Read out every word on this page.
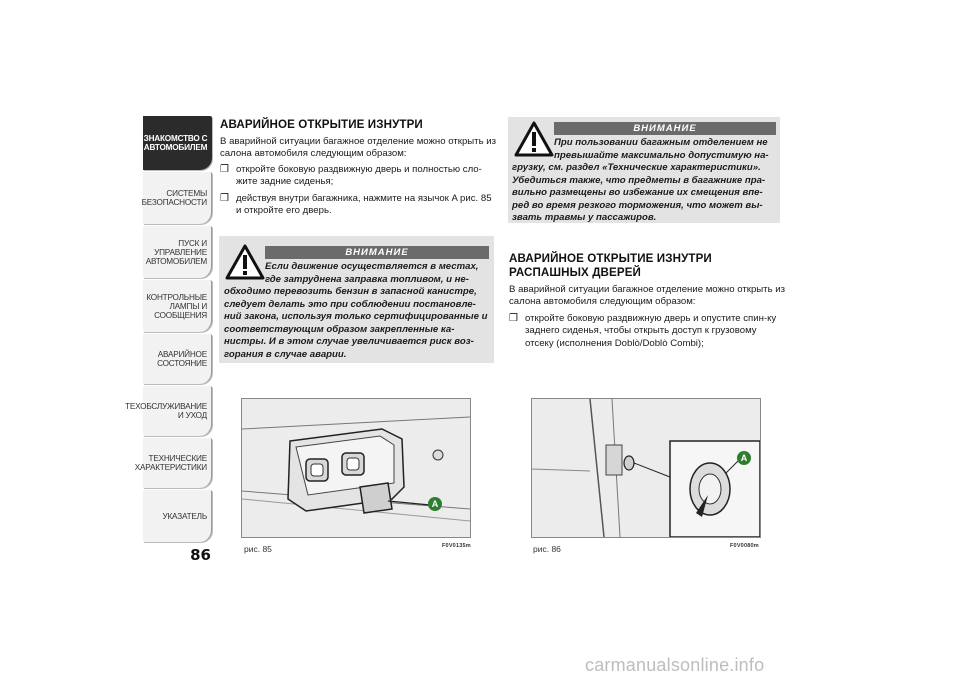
ЗНАКОМСТВО С
АВТОМОБИЛЕМ
СИСТЕМЫ
БЕЗОПАСНОСТИ
ПУСК И УПРАВЛЕНИЕ
АВТОМОБИЛЕМ
КОНТРОЛЬНЫЕ
ЛАМПЫ И
СООБЩЕНИЯ
АВАРИЙНОЕ
СОСТОЯНИЕ
ТЕХОБСЛУЖИВАНИЕ
И УХОД
ТЕХНИЧЕСКИЕ
ХАРАКТЕРИСТИКИ
УКАЗАТЕЛЬ
86
АВАРИЙНОЕ ОТКРЫТИЕ ИЗНУТРИ
В аварийной ситуации багажное отделение можно открыть из салона автомобиля следующим образом:
❒ откройте боковую раздвижную дверь и полностью сло-жите задние сиденья;
❒ действуя внутри багажника, нажмите на язычок A рис. 85 и откройте его дверь.
ВНИМАНИЕ
Если движение осуществляется в местах, где затруднена заправка топливом, и не-
обходимо перевозить бензин в запасной канистре, следует делать это при соблюдении постановле-ний закона, используя только сертифицированные и соответствующим образом закрепленные ка-нистры. И в этом случае увеличивается риск воз-горания в случае аварии.
ВНИМАНИЕ
При пользовании багажным отделением не превышайте максимально допустимую на-
грузку, см. раздел «Технические характеристики». Убедиться также, что предметы в багажнике пра-вильно размещены во избежание их смещения впе-ред во время резкого торможения, что может вы-звать травмы у пассажиров.
АВАРИЙНОЕ ОТКРЫТИЕ ИЗНУТРИ РАСПАШНЫХ ДВЕРЕЙ
В аварийной ситуации багажное отделение можно открыть из салона автомобиля следующим образом:
❒ откройте боковую раздвижную дверь и опустите спин-ку заднего сиденья, чтобы открыть доступ к грузовому отсеку (исполнения Doblò/Doblò Combi);
A
рис. 85	F0V0135m
A
рис. 86	F0V0080m
carmanualsonline.info
